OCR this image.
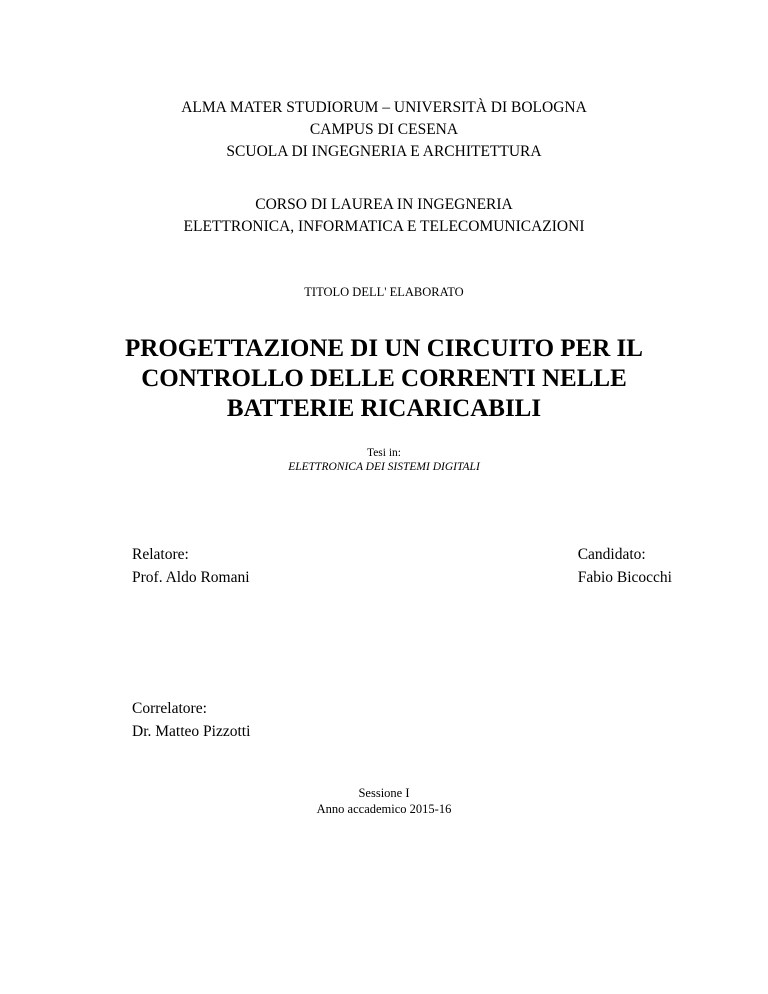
ALMA MATER STUDIORUM – UNIVERSITÀ DI BOLOGNA
CAMPUS DI CESENA
SCUOLA DI INGEGNERIA E ARCHITETTURA
CORSO DI LAUREA IN INGEGNERIA
ELETTRONICA, INFORMATICA E TELECOMUNICAZIONI
TITOLO DELL' ELABORATO
PROGETTAZIONE DI UN CIRCUITO PER IL
CONTROLLO DELLE CORRENTI NELLE
BATTERIE RICARICABILI
Tesi in:
ELETTRONICA DEI SISTEMI DIGITALI
Relatore:
Prof. Aldo Romani
Candidato:
Fabio Bicocchi
Correlatore:
Dr. Matteo Pizzotti
Sessione I
Anno accademico 2015-16
